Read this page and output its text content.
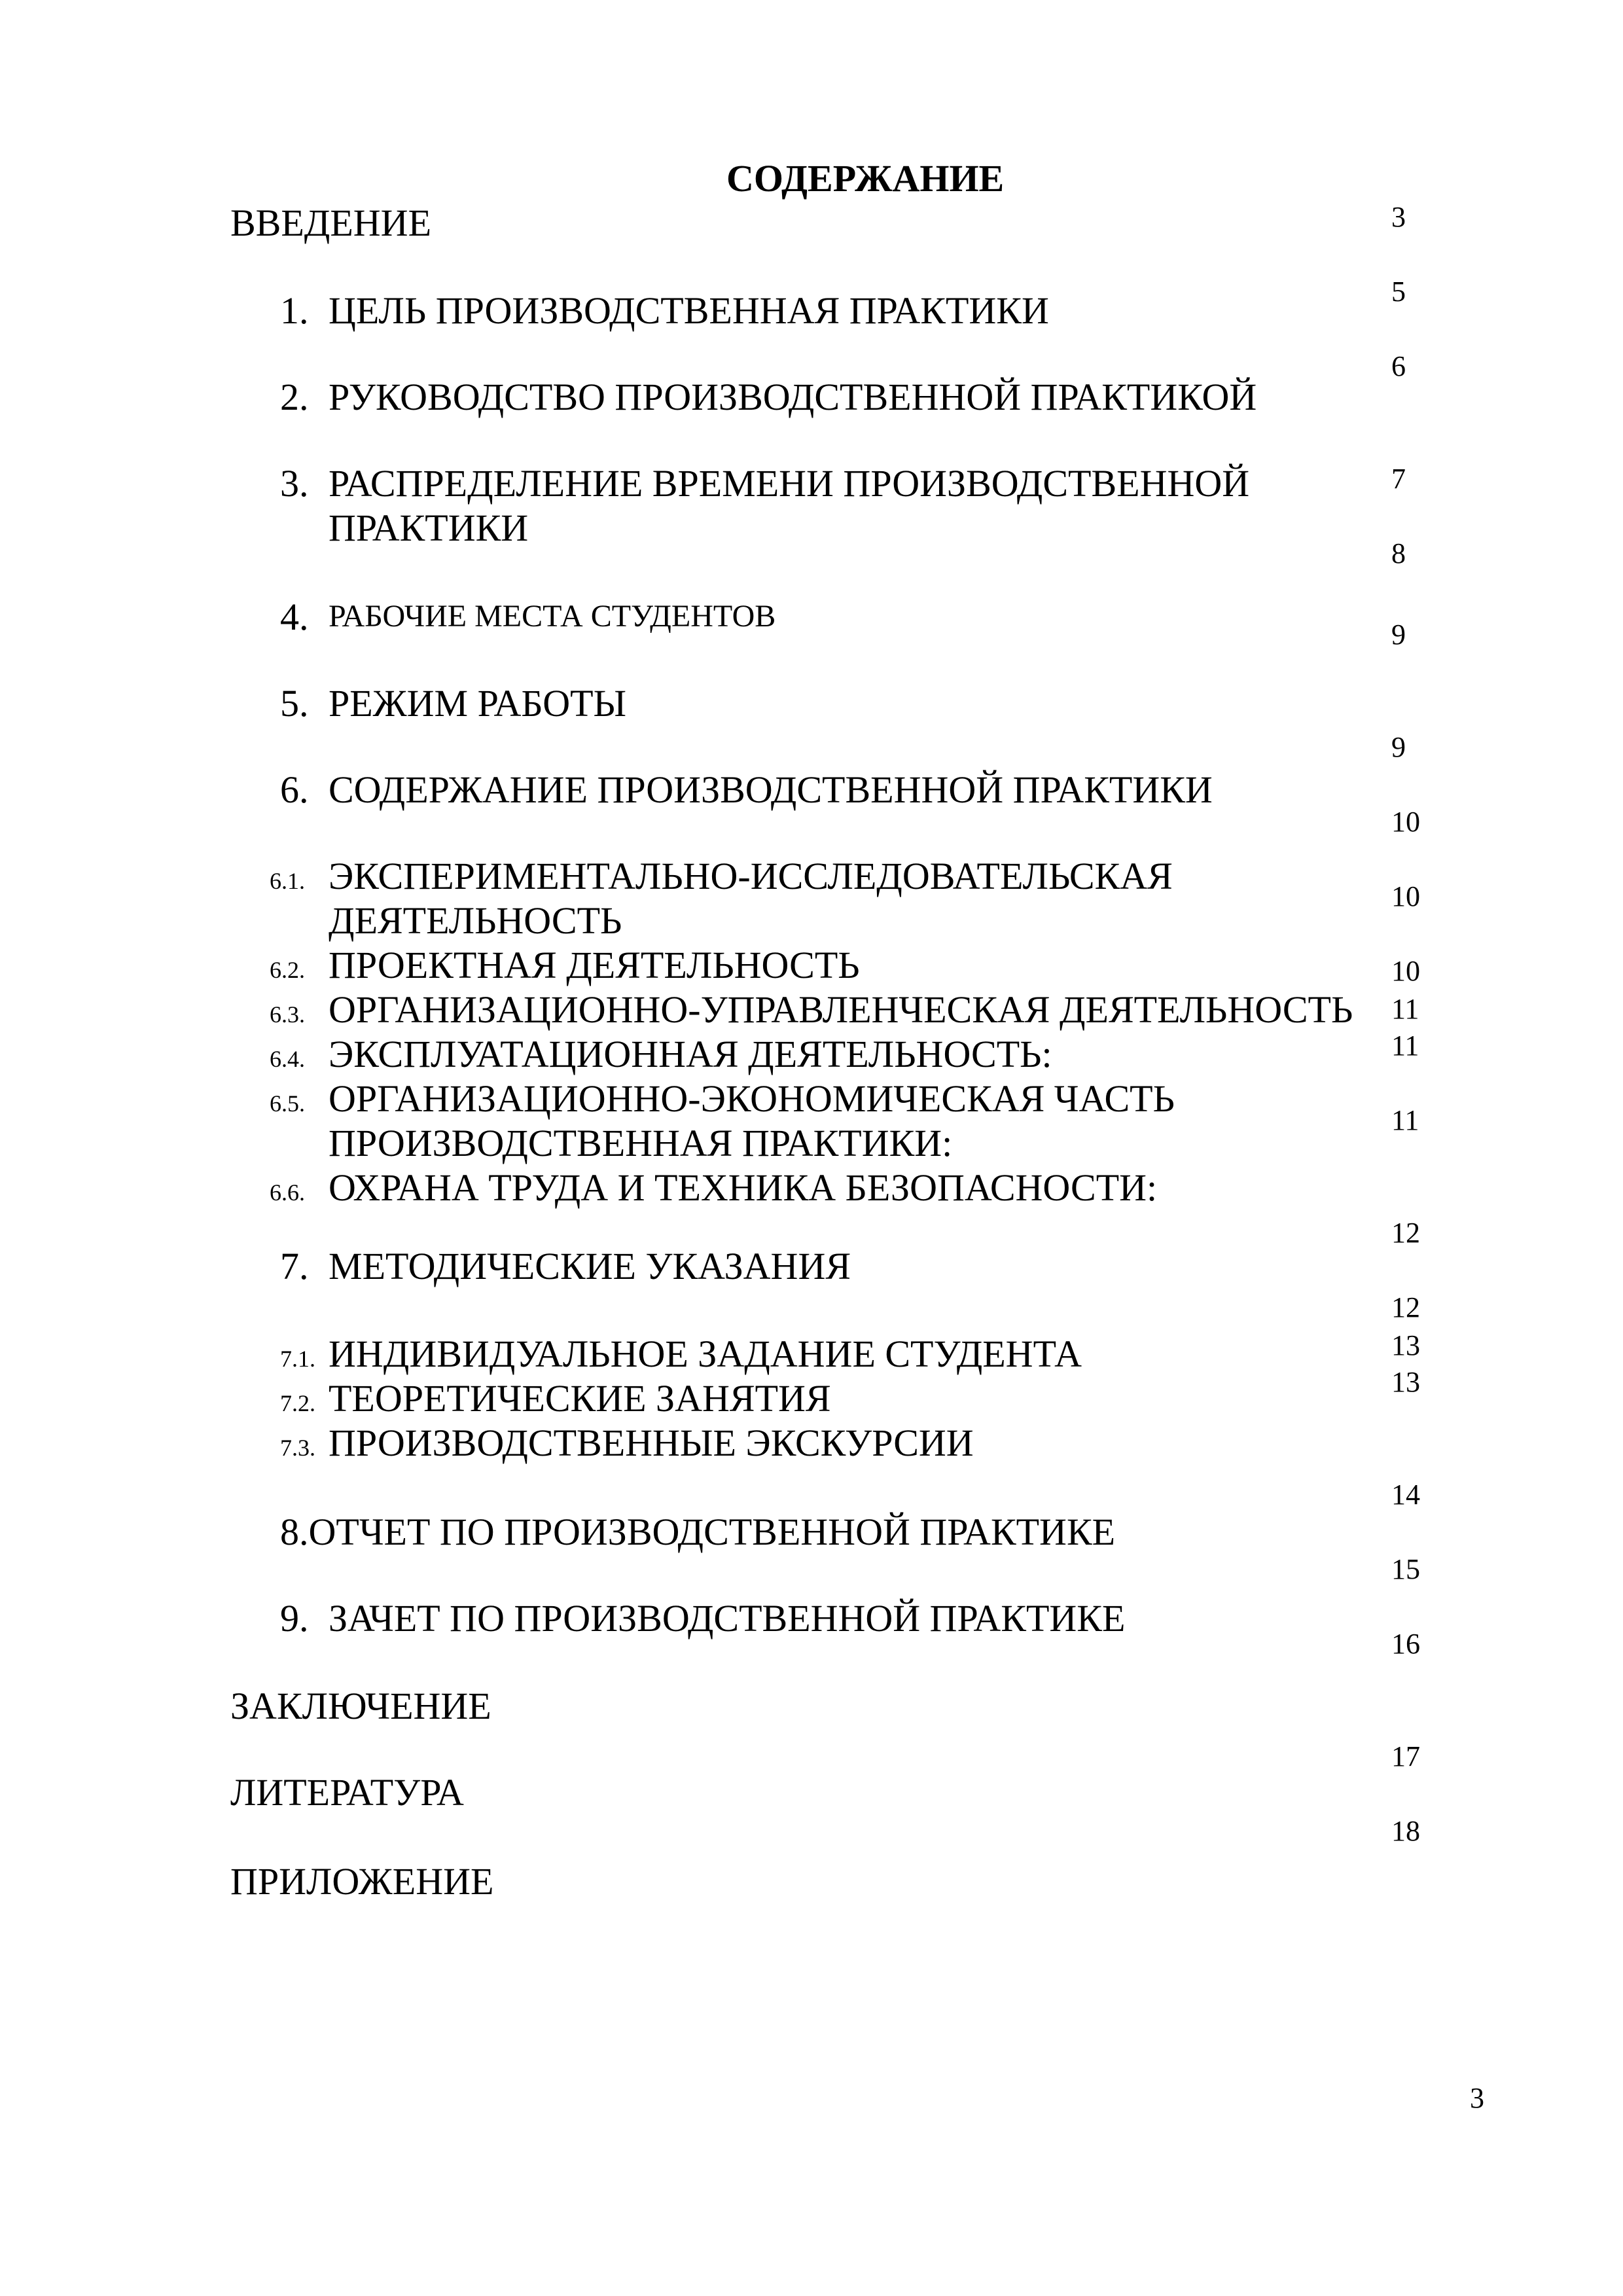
СОДЕРЖАНИЕ
ВВЕДЕНИЕ
1. ЦЕЛЬ ПРОИЗВОДСТВЕННАЯ ПРАКТИКИ
2. РУКОВОДСТВО ПРОИЗВОДСТВЕННОЙ ПРАКТИКОЙ
3. РАСПРЕДЕЛЕНИЕ ВРЕМЕНИ ПРОИЗВОДСТВЕННОЙ
ПРАКТИКИ
4. РАБОЧИЕ МЕСТА СТУДЕНТОВ
5. РЕЖИМ РАБОТЫ
6. СОДЕРЖАНИЕ ПРОИЗВОДСТВЕННОЙ ПРАКТИКИ
6.1. ЭКСПЕРИМЕНТАЛЬНО-ИССЛЕДОВАТЕЛЬСКАЯ
ДЕЯТЕЛЬНОСТЬ
6.2. ПРОЕКТНАЯ ДЕЯТЕЛЬНОСТЬ
6.3. ОРГАНИЗАЦИОННО-УПРАВЛЕНЧЕСКАЯ ДЕЯТЕЛЬНОСТЬ
6.4. ЭКСПЛУАТАЦИОННАЯ ДЕЯТЕЛЬНОСТЬ:
6.5. ОРГАНИЗАЦИОННО-ЭКОНОМИЧЕСКАЯ ЧАСТЬ
ПРОИЗВОДСТВЕННАЯ ПРАКТИКИ:
6.6. ОХРАНА ТРУДА И ТЕХНИКА БЕЗОПАСНОСТИ:
7. МЕТОДИЧЕСКИЕ УКАЗАНИЯ
7.1. ИНДИВИДУАЛЬНОЕ ЗАДАНИЕ СТУДЕНТА
7.2. ТЕОРЕТИЧЕСКИЕ ЗАНЯТИЯ
7.3. ПРОИЗВОДСТВЕННЫЕ ЭКСКУРСИИ
8.ОТЧЕТ ПО ПРОИЗВОДСТВЕННОЙ ПРАКТИКЕ
9. ЗАЧЕТ ПО ПРОИЗВОДСТВЕННОЙ ПРАКТИКЕ
ЗАКЛЮЧЕНИЕ
ЛИТЕРАТУРА
ПРИЛОЖЕНИЕ
3
5
6
7
8
9
9
10
10
10
11
11
11
12
12
13
13
14
15
16
17
18
3
